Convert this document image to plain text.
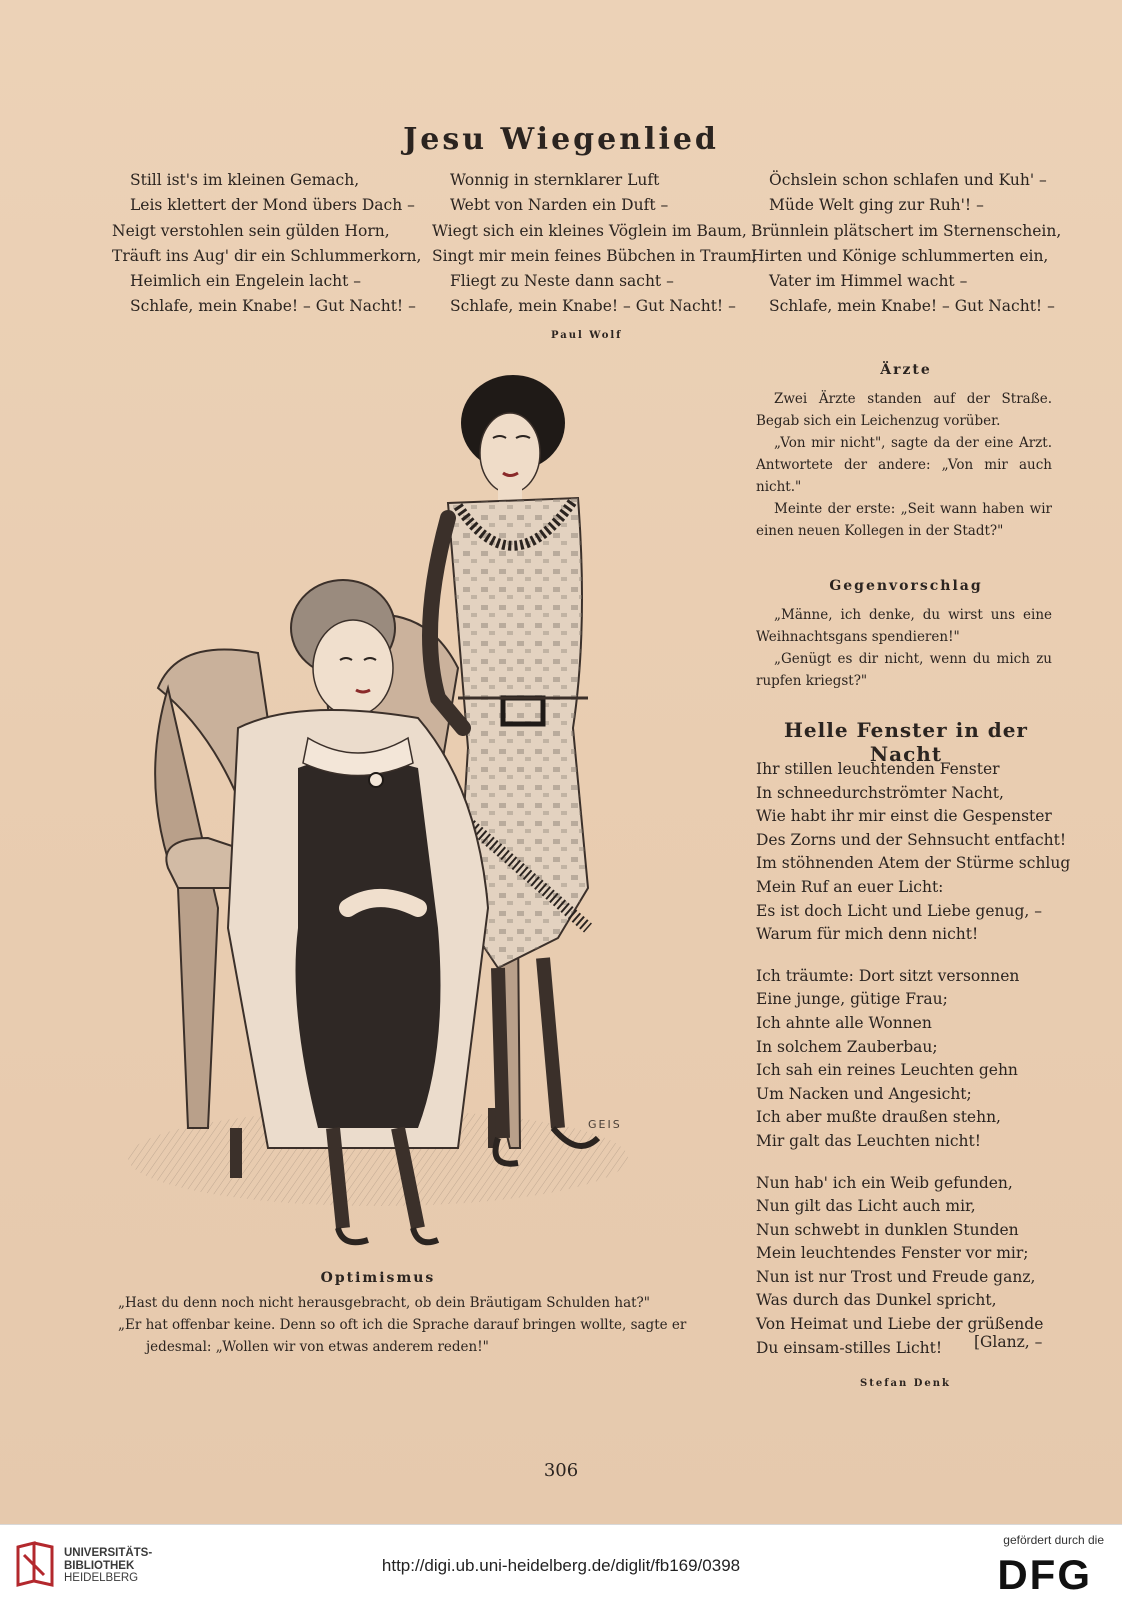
Jesu Wiegenlied
Still ist's im kleinen Gemach,
Leis klettert der Mond übers Dach –
Neigt verstohlen sein gülden Horn,
Träuft ins Aug' dir ein Schlummerkorn,
Heimlich ein Engelein lacht –
Schlafe, mein Knabe! – Gut Nacht! –
Wonnig in sternklarer Luft
Webt von Narden ein Duft –
Wiegt sich ein kleines Vöglein im Baum,
Singt mir mein feines Bübchen in Traum,
Fliegt zu Neste dann sacht –
Schlafe, mein Knabe! – Gut Nacht! –
Öchslein schon schlafen und Kuh' –
Müde Welt ging zur Ruh'! –
Brünnlein plätschert im Sternenschein,
Hirten und Könige schlummerten ein,
Vater im Himmel wacht –
Schlafe, mein Knabe! – Gut Nacht! –
Paul Wolf
Ärzte

Zwei Ärzte standen auf der Straße. Begab sich ein Leichenzug vorüber.

„Von mir nicht", sagte da der eine Arzt. Antwortete der andere: „Von mir auch nicht."

Meinte der erste: „Seit wann haben wir einen neuen Kollegen in der Stadt?"

Gegenvorschlag

„Männe, ich denke, du wirst uns eine Weihnachtsgans spendieren!"

„Genügt es dir nicht, wenn du mich zu rupfen kriegst?"

Helle Fenster in der Nacht
Ihr stillen leuchtenden Fenster
In schneedurchströmter Nacht,
Wie habt ihr mir einst die Gespenster
Des Zorns und der Sehnsucht entfacht!
Im stöhnenden Atem der Stürme schlug
Mein Ruf an euer Licht:
Es ist doch Licht und Liebe genug, –
Warum für mich denn nicht!
Ich träumte: Dort sitzt versonnen
Eine junge, gütige Frau;
Ich ahnte alle Wonnen
In solchem Zauberbau;
Ich sah ein reines Leuchten gehn
Um Nacken und Angesicht;
Ich aber mußte draußen stehn,
Mir galt das Leuchten nicht!
Nun hab' ich ein Weib gefunden,
Nun gilt das Licht auch mir,
Nun schwebt in dunklen Stunden
Mein leuchtendes Fenster vor mir;
Nun ist nur Trost und Freude ganz,
Was durch das Dunkel spricht,
Von Heimat und Liebe der grüßende
Du einsam-stilles Licht! [Glanz, –
Stefan Denk
GEIS
Optimismus
„Hast du denn noch nicht herausgebracht, ob dein Bräutigam Schulden hat?"
„Er hat offenbar keine. Denn so oft ich die Sprache darauf bringen wollte, sagte er
jedesmal: „Wollen wir von etwas anderem reden!"
306
UNIVERSITÄTS-
BIBLIOTHEK
HEIDELBERG
http://digi.ub.uni-heidelberg.de/diglit/fb169/0398
gefördert durch die
DFG
